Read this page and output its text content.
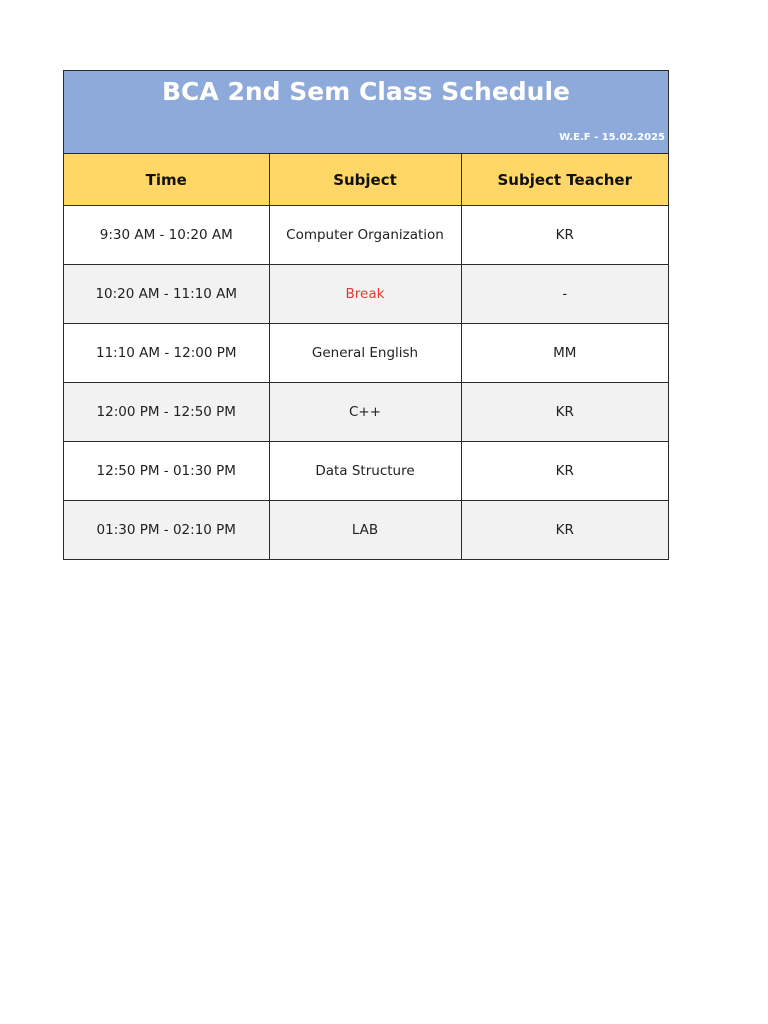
BCA 2nd Sem Class Schedule
W.E.F - 15.02.2025
Time	Subject	Subject Teacher
9:30 AM - 10:20 AM	Computer Organization	KR
10:20 AM - 11:10 AM	Break	-
11:10 AM - 12:00 PM	General English	MM
12:00 PM - 12:50 PM	C++	KR
12:50 PM - 01:30 PM	Data Structure	KR
01:30 PM - 02:10 PM	LAB	KR
